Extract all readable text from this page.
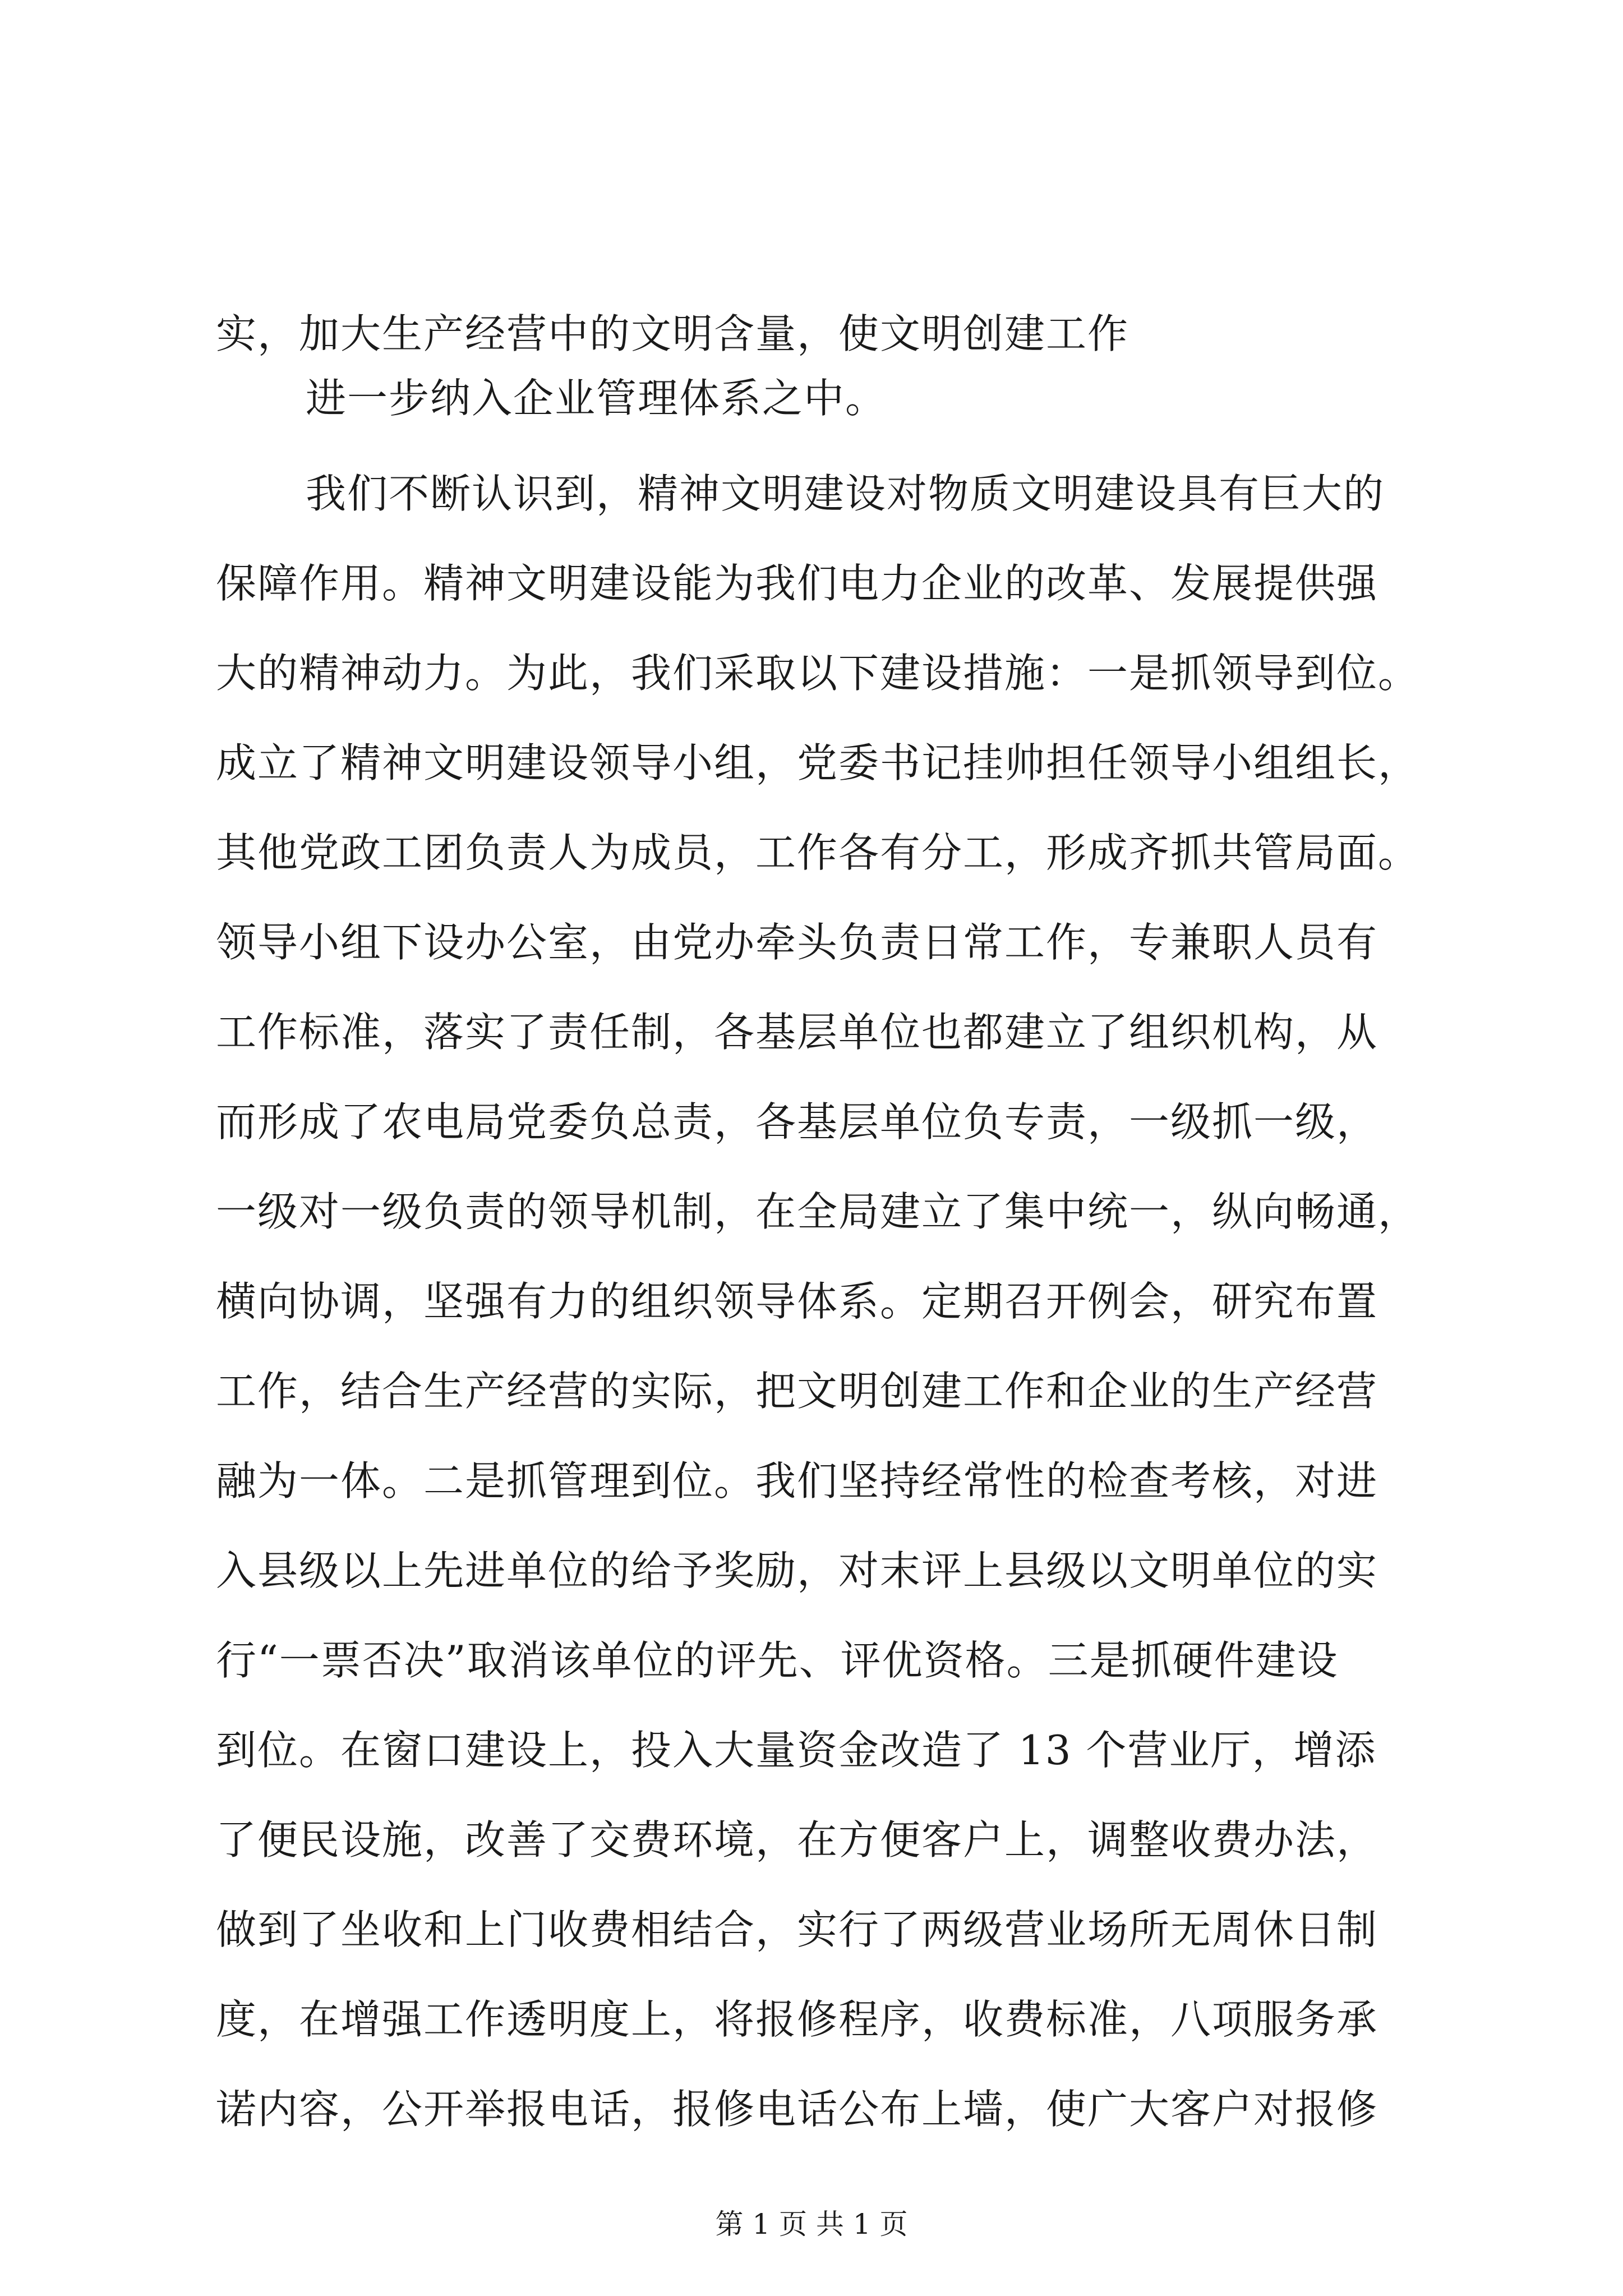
实，加大生产经营中的文明含量，使文明创建工作
进一步纳入企业管理体系之中。
我们不断认识到，精神文明建设对物质文明建设具有巨大的
保障作用。精神文明建设能为我们电力企业的改革、发展提供强
大的精神动力。为此，我们采取以下建设措施：一是抓领导到位。
成立了精神文明建设领导小组，党委书记挂帅担任领导小组组长，
其他党政工团负责人为成员，工作各有分工，形成齐抓共管局面。
领导小组下设办公室，由党办牵头负责日常工作，专兼职人员有
工作标准，落实了责任制，各基层单位也都建立了组织机构，从
而形成了农电局党委负总责，各基层单位负专责，一级抓一级，
一级对一级负责的领导机制，在全局建立了集中统一，纵向畅通，
横向协调，坚强有力的组织领导体系。定期召开例会，研究布置
工作，结合生产经营的实际，把文明创建工作和企业的生产经营
融为一体。二是抓管理到位。我们坚持经常性的检查考核，对进
入县级以上先进单位的给予奖励，对末评上县级以文明单位的实
行“一票否决”取消该单位的评先、评优资格。三是抓硬件建设
到位。在窗口建设上，投入大量资金改造了 13 个营业厅，增添
了便民设施，改善了交费环境，在方便客户上，调整收费办法，
做到了坐收和上门收费相结合，实行了两级营业场所无周休日制
度，在增强工作透明度上，将报修程序，收费标准，八项服务承
诺内容，公开举报电话，报修电话公布上墙，使广大客户对报修
第 1 页 共 1 页
